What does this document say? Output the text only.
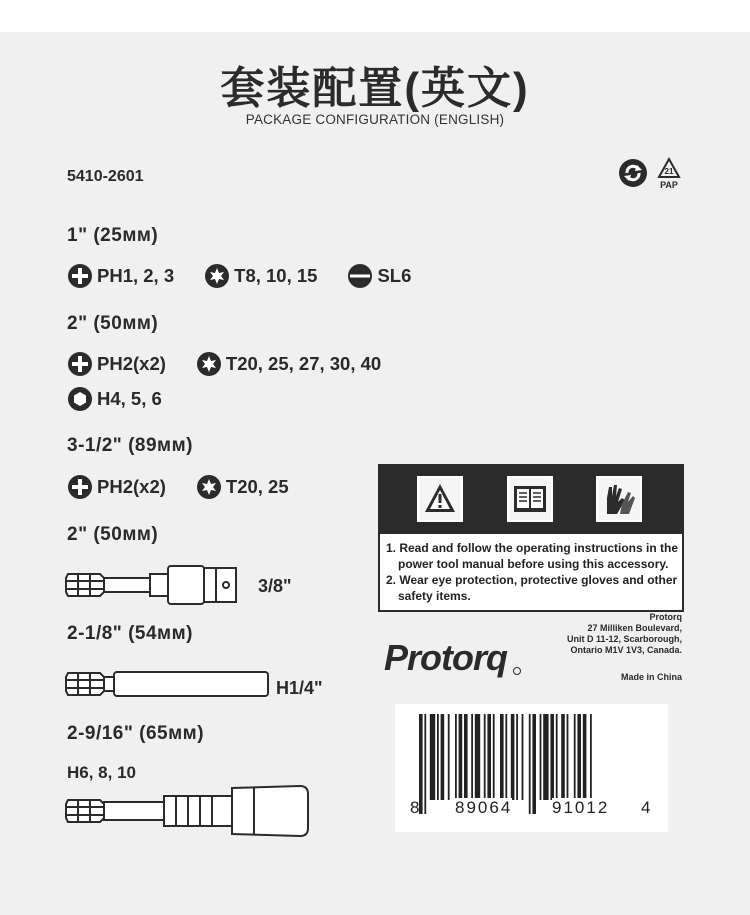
套装配置(英文)
PACKAGE CONFIGURATION (ENGLISH)
5410-2601	21
PAP
1" (25мм)
PH1, 2, 3	T8, 10, 15	SL6
2" (50мм)
PH2(x2)	T20, 25, 27, 30, 40
H4, 5, 6
3-1/2" (89мм)
PH2(x2)	T20, 25
2" (50мм)
3/8"
2-1/8" (54мм)
H1/4"
2-9/16" (65мм)
H6, 8, 10
1. Read and follow the operating instructions in the power tool manual before using this accessory.
2. Wear eye protection, protective gloves and other safety items.
Protorq
Protorq
27 Milliken Boulevard,
Unit D 11-12, Scarborough,
Ontario M1V 1V3, Canada.
Made in China
8 89064 91012 4
